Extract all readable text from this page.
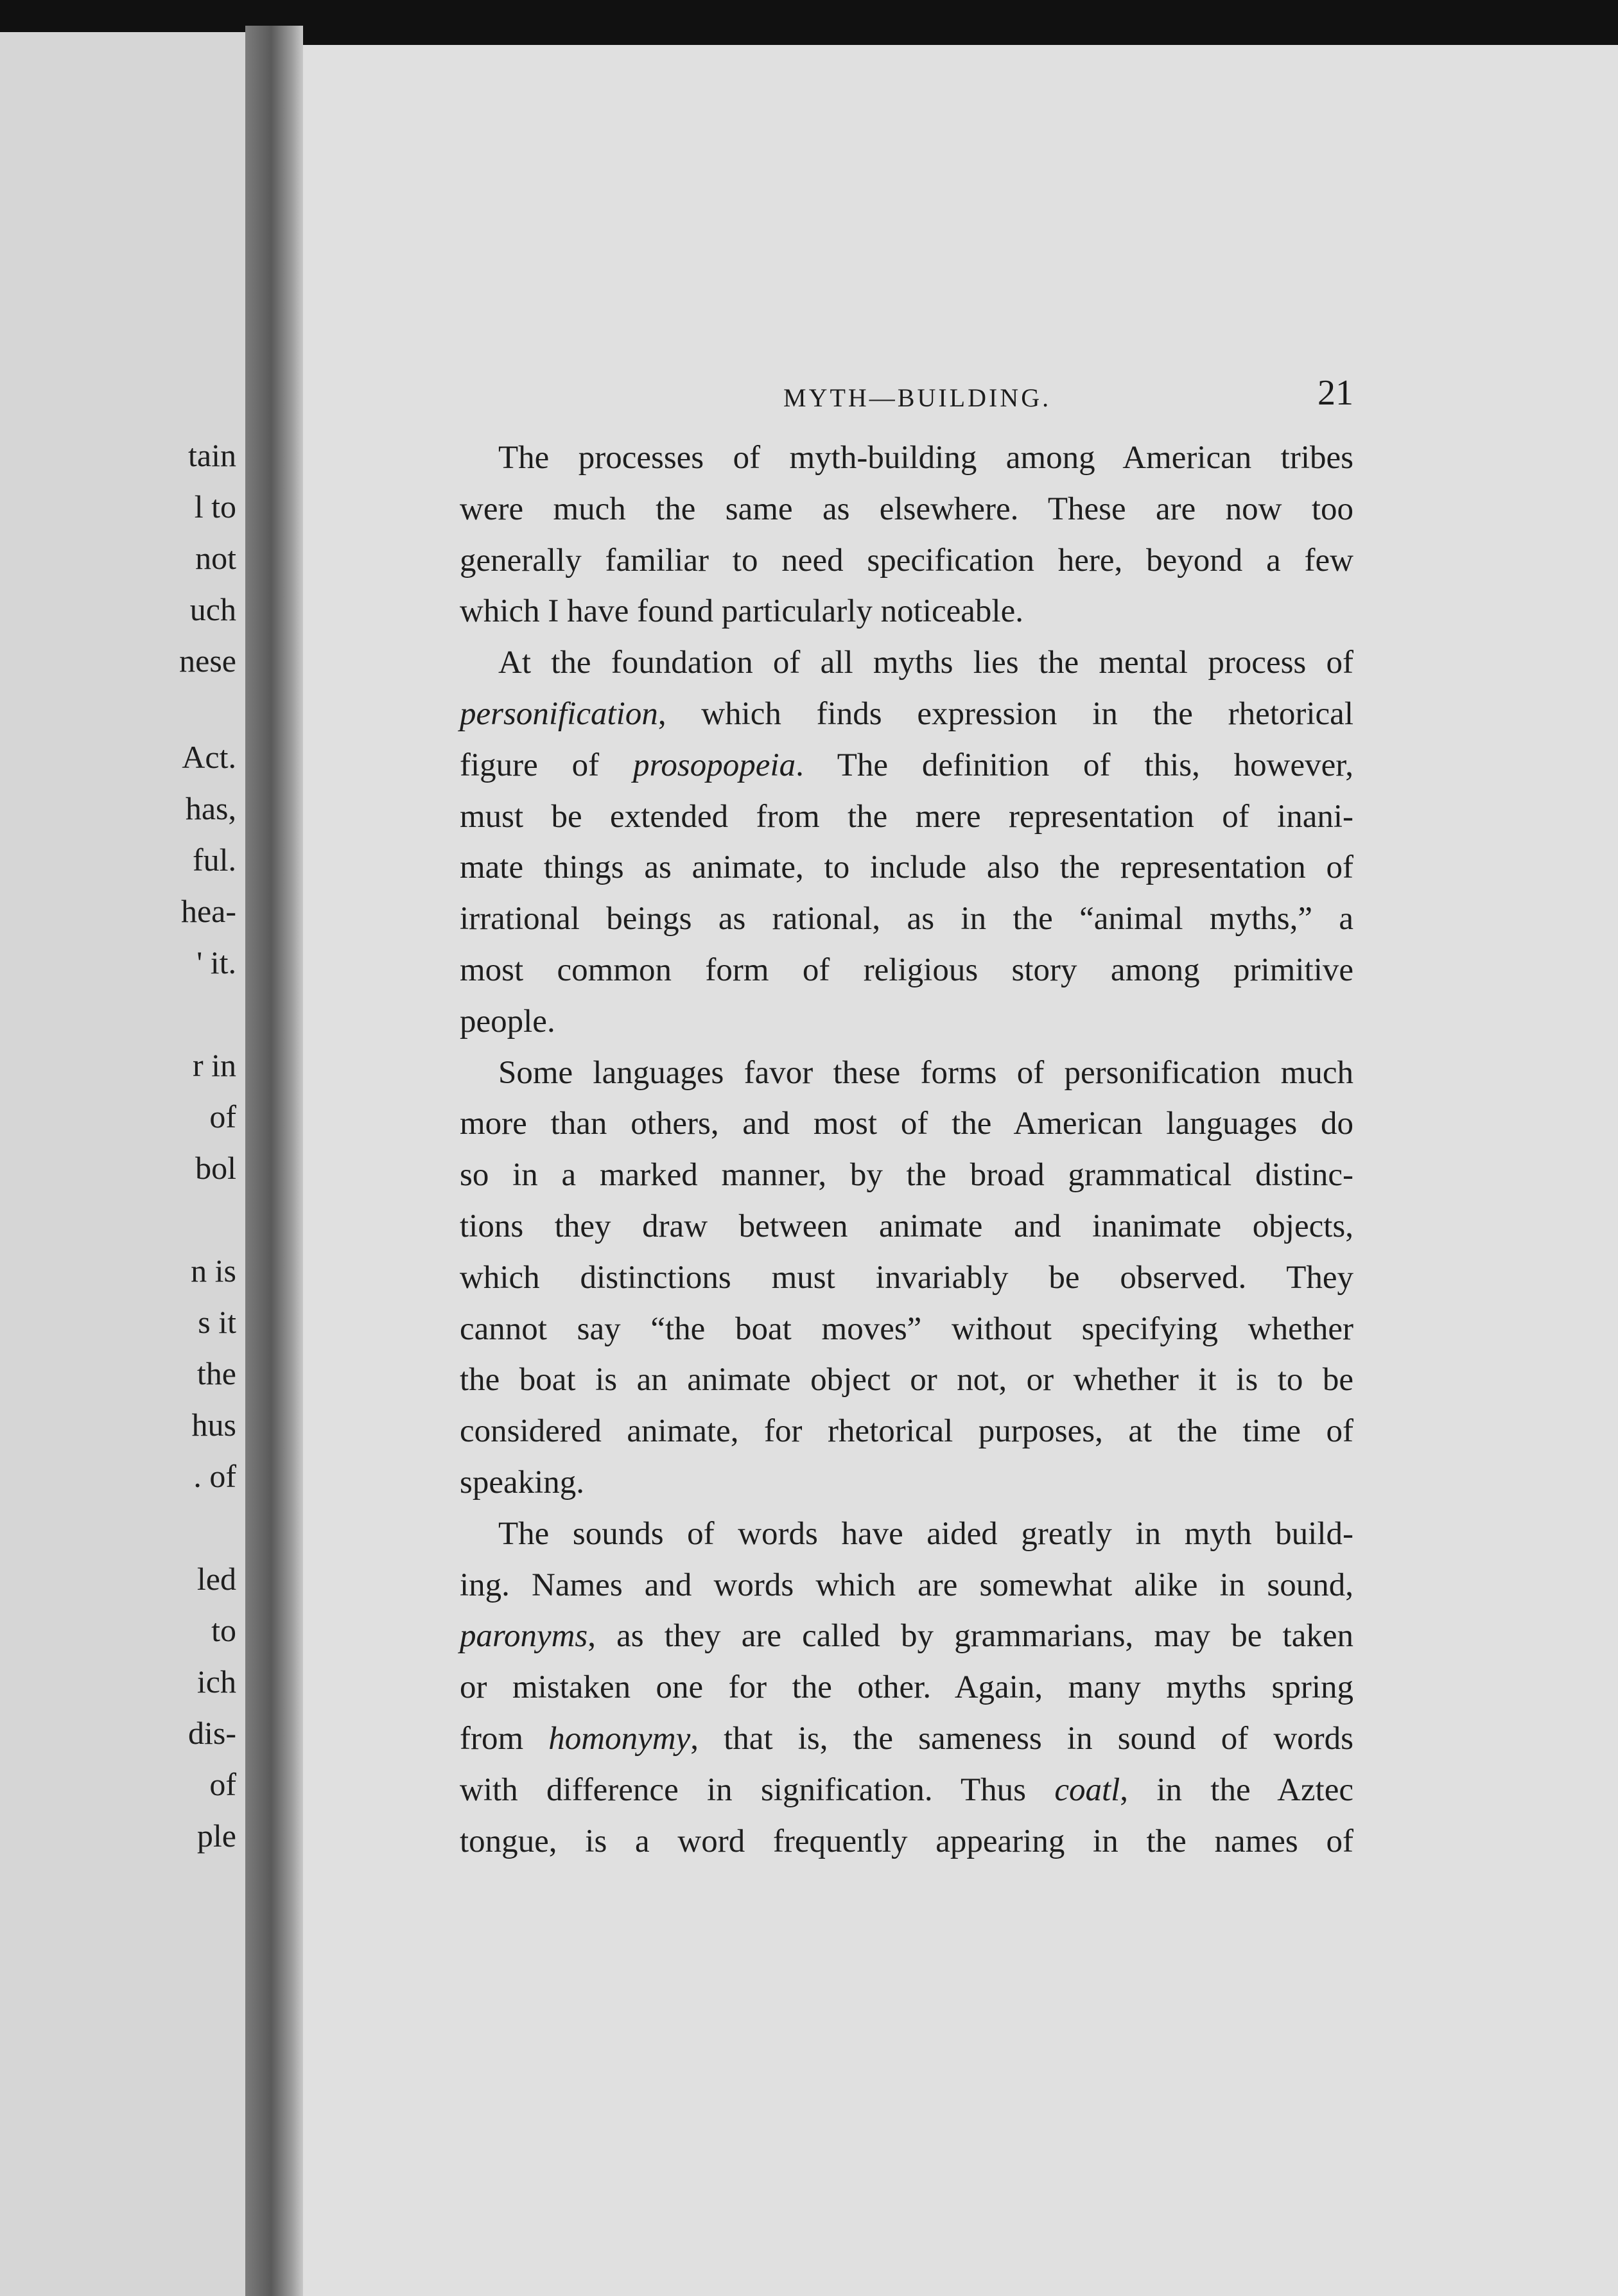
tain
l to
not
uch
nese
Act.
has,
ful.
hea-
' it.
r in
of
bol
n is
s it
the
hus
. of
led
to
ich
dis-
of
ple
MYTH—BUILDING.	21
The processes of myth-building among American tribes
were much the same as elsewhere. These are now too
generally familiar to need specification here, beyond a few
which I have found particularly noticeable.
At the foundation of all myths lies the mental process of
personification, which finds expression in the rhetorical
figure of prosopopeia. The definition of this, however,
must be extended from the mere representation of inani-
mate things as animate, to include also the representation of
irrational beings as rational, as in the “animal myths,” a
most common form of religious story among primitive
people.
Some languages favor these forms of personification much
more than others, and most of the American languages do
so in a marked manner, by the broad grammatical distinc-
tions they draw between animate and inanimate objects,
which distinctions must invariably be observed. They
cannot say “the boat moves” without specifying whether
the boat is an animate object or not, or whether it is to be
considered animate, for rhetorical purposes, at the time of
speaking.
The sounds of words have aided greatly in myth build-
ing. Names and words which are somewhat alike in sound,
paronyms, as they are called by grammarians, may be taken
or mistaken one for the other. Again, many myths spring
from homonymy, that is, the sameness in sound of words
with difference in signification. Thus coatl, in the Aztec
tongue, is a word frequently appearing in the names of
